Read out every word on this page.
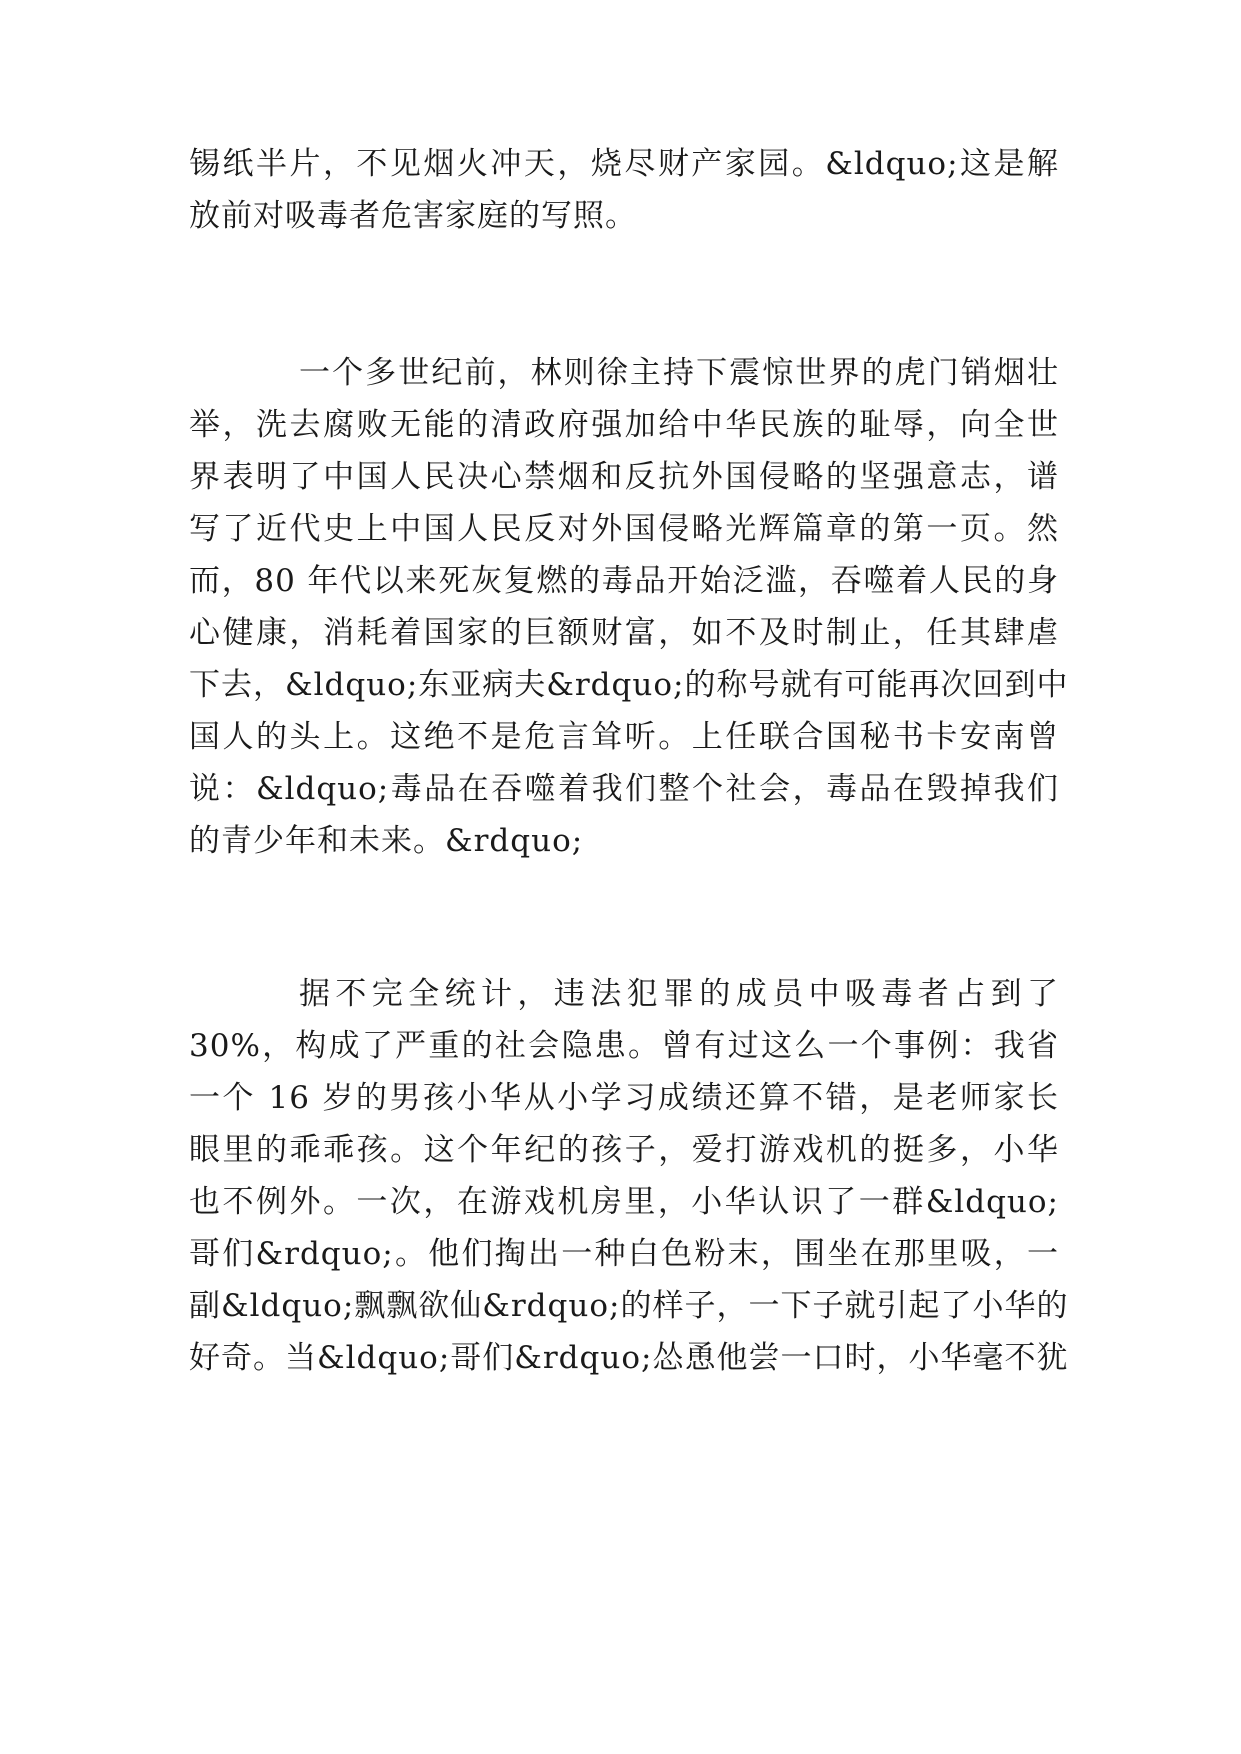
锡纸半片，不见烟火冲天，烧尽财产家园。&ldquo;这是解

放前对吸毒者危害家庭的写照。

一个多世纪前，林则徐主持下震惊世界的虎门销烟壮

举，洗去腐败无能的清政府强加给中华民族的耻辱，向全世

界表明了中国人民决心禁烟和反抗外国侵略的坚强意志，谱

写了近代史上中国人民反对外国侵略光辉篇章的第一页。然

而，80 年代以来死灰复燃的毒品开始泛滥，吞噬着人民的身

心健康，消耗着国家的巨额财富，如不及时制止，任其肆虐

下去，&ldquo;东亚病夫&rdquo;的称号就有可能再次回到中

国人的头上。这绝不是危言耸听。上任联合国秘书卡安南曾

说：&ldquo;毒品在吞噬着我们整个社会，毒品在毁掉我们

的青少年和未来。&rdquo;

据不完全统计，违法犯罪的成员中吸毒者占到了

30%，构成了严重的社会隐患。曾有过这么一个事例：我省

一个 16 岁的男孩小华从小学习成绩还算不错，是老师家长

眼里的乖乖孩。这个年纪的孩子，爱打游戏机的挺多，小华

也不例外。一次，在游戏机房里，小华认识了一群&ldquo;

哥们&rdquo;。他们掏出一种白色粉末，围坐在那里吸，一

副&ldquo;飘飘欲仙&rdquo;的样子，一下子就引起了小华的

好奇。当&ldquo;哥们&rdquo;怂恿他尝一口时，小华毫不犹
